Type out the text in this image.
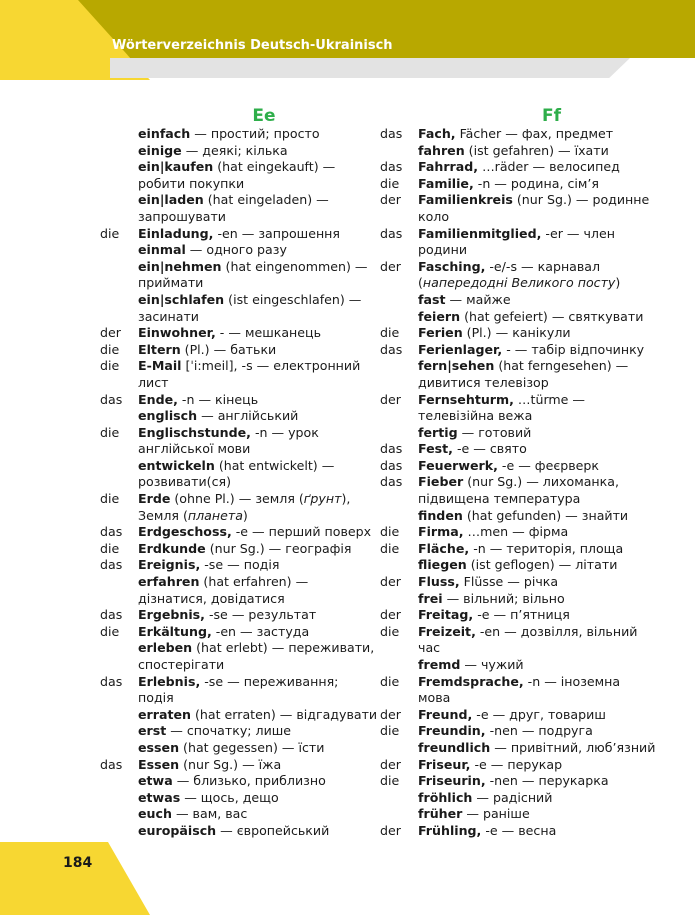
Wörterverzeichnis Deutsch-Ukrainisch
Ee
einfach — простий; просто
einige — деякі; кілька
ein|kaufen (hat eingekauft) —
робити покупки
ein|laden (hat eingeladen) —
запрошувати
die	Einladung, -en — запрошення
einmal — одного разу
ein|nehmen (hat eingenommen) —
приймати
ein|schlafen (ist eingeschlafen) —
засинати
der	Einwohner, - — мешканець
die	Eltern (Pl.) — батьки
die	E-Mail [ˈi:meil], -s — електронний
лист
das	Ende, -n — кінець
englisch — англійський
die	Englischstunde, -n — урок
англійської мови
entwickeln (hat entwickelt) —
розвивати(ся)
die	Erde (ohne Pl.) — земля (ґрунт),
Земля (планета)
das	Erdgeschoss, -e — перший поверх
die	Erdkunde (nur Sg.) — географія
das	Ereignis, -se — подія
erfahren (hat erfahren) —
дізнатися, довідатися
das	Ergebnis, -se — результат
die	Erkältung, -en — застуда
erleben (hat erlebt) — переживати,
спостерігати
das	Erlebnis, -se — переживання;
подія
erraten (hat erraten) — відгадувати
erst — спочатку; лише
essen (hat gegessen) — їсти
das	Essen (nur Sg.) — їжа
etwa — близько, приблизно
etwas — щось, дещо
euch — вам, вас
europäisch — європейський
Ff
das	Fach, Fächer — фах, предмет
fahren (ist gefahren) — їхати
das	Fahrrad, …räder — велосипед
die	Familie, -n — родина, сім’я
der	Familienkreis (nur Sg.) — родинне
коло
das	Familienmitglied, -er — член
родини
der	Fasching, -e/-s — карнавал
(напередодні Великого посту)
fast — майже
feiern (hat gefeiert) — святкувати
die	Ferien (Pl.) — канікули
das	Ferienlager, - — табір відпочинку
fern|sehen (hat ferngesehen) —
дивитися телевізор
der	Fernsehturm, …türme —
телевізійна вежа
fertig — готовий
das	Fest, -e — свято
das	Feuerwerk, -e — феєрверк
das	Fieber (nur Sg.) — лихоманка,
підвищена температура
finden (hat gefunden) — знайти
die	Firma, …men — фірма
die	Fläche, -n — територія, площа
fliegen (ist geflogen) — літати
der	Fluss, Flüsse — річка
frei — вільний; вільно
der	Freitag, -e — п’ятниця
die	Freizeit, -en — дозвілля, вільний
час
fremd — чужий
die	Fremdsprache, -n — іноземна
мова
der	Freund, -e — друг, товариш
die	Freundin, -nen — подруга
freundlich — привітний, люб’язний
der	Friseur, -e — перукар
die	Friseurin, -nen — перукарка
fröhlich — радісний
früher — раніше
der	Frühling, -e — весна
184
